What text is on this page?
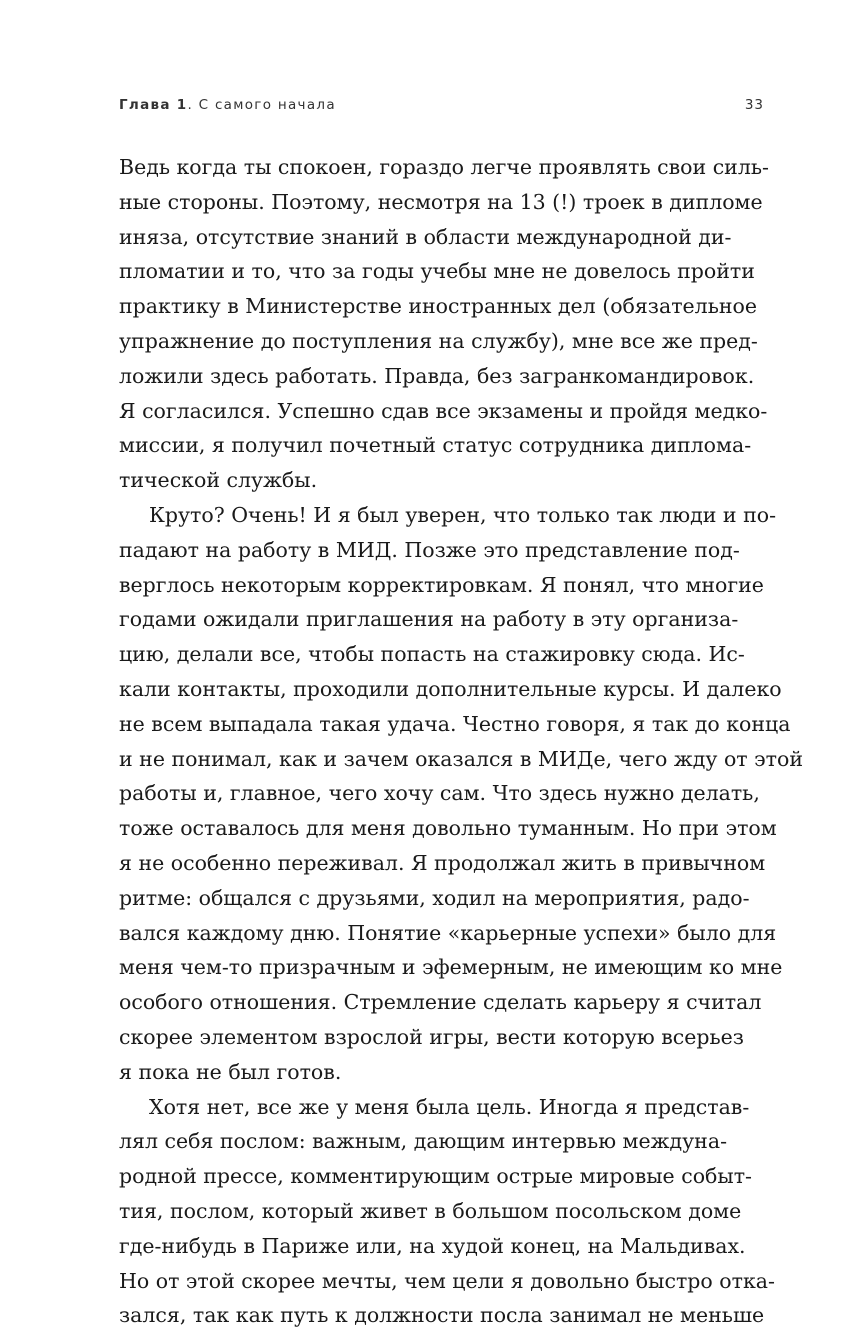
Глава 1. С самого начала	33
Ведь когда ты спокоен, гораздо легче проявлять свои силь-
ные стороны. Поэтому, несмотря на 13 (!) троек в дипломе
иняза, отсутствие знаний в области международной ди-
пломатии и то, что за годы учебы мне не довелось пройти
практику в Министерстве иностранных дел (обязательное
упражнение до поступления на службу), мне все же пред-
ложили здесь работать. Правда, без загранкомандировок.
Я согласился. Успешно сдав все экзамены и пройдя медко-
миссии, я получил почетный статус сотрудника диплома-
тической службы.
Круто? Очень! И я был уверен, что только так люди и по-
падают на работу в МИД. Позже это представление под-
верглось некоторым корректировкам. Я понял, что многие
годами ожидали приглашения на работу в эту организа-
цию, делали все, чтобы попасть на стажировку сюда. Ис-
кали контакты, проходили дополнительные курсы. И далеко
не всем выпадала такая удача. Честно говоря, я так до конца
и не понимал, как и зачем оказался в МИДе, чего жду от этой
работы и, главное, чего хочу сам. Что здесь нужно делать,
тоже оставалось для меня довольно туманным. Но при этом
я не особенно переживал. Я продолжал жить в привычном
ритме: общался с друзьями, ходил на мероприятия, радо-
вался каждому дню. Понятие «карьерные успехи» было для
меня чем-то призрачным и эфемерным, не имеющим ко мне
особого отношения. Стремление сделать карьеру я считал
скорее элементом взрослой игры, вести которую всерьез
я пока не был готов.
Хотя нет, все же у меня была цель. Иногда я представ-
лял себя послом: важным, дающим интервью междуна-
родной прессе, комментирующим острые мировые событ-
тия, послом, который живет в большом посольском доме
где-нибудь в Париже или, на худой конец, на Мальдивах.
Но от этой скорее мечты, чем цели я довольно быстро отка-
зался, так как путь к должности посла занимал не меньше
